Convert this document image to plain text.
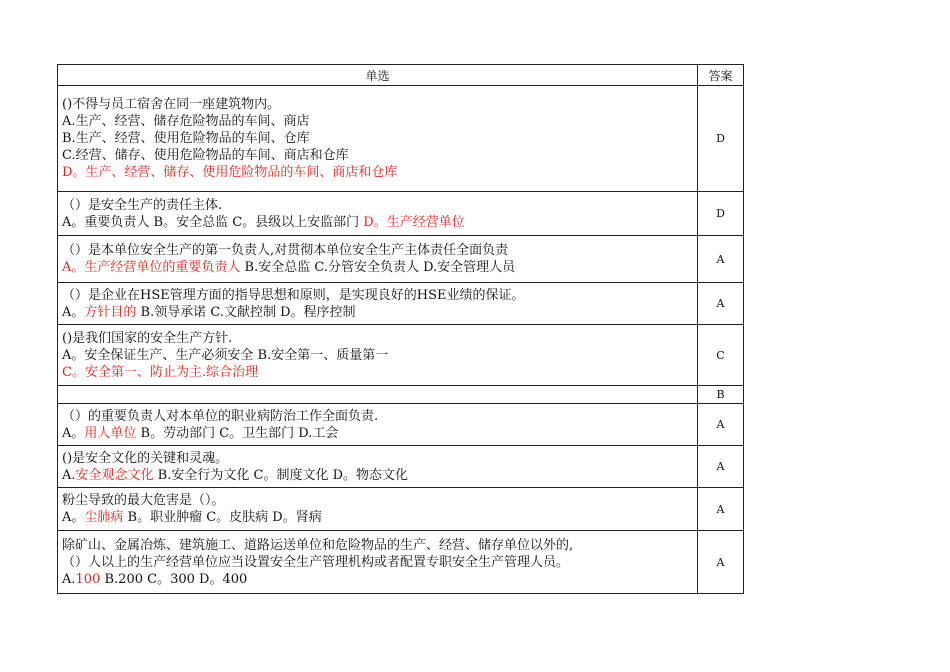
单选	答案

()不得与员工宿舍在同一座建筑物内。
A.生产、经营、储存危险物品的车间、商店
B.生产、经营、使用危险物品的车间、仓库
C.经营、储存、使用危险物品的车间、商店和仓库
D。生产、经营、储存、使用危险物品的车间、商店和仓库	D

（）是安全生产的责任主体.
A。重要负责人 B。安全总监 C。县级以上安监部门 D。生产经营单位	D

（）是本单位安全生产的第一负责人,对贯彻本单位安全生产主体责任全面负责
A。生产经营单位的重要负责人 B.安全总监 C.分管安全负责人 D.安全管理人员	A

（）是企业在HSE管理方面的指导思想和原则，是实现良好的HSE业绩的保证。
A。方针目的 B.领导承诺 C.文献控制 D。程序控制	A

()是我们国家的安全生产方针.
A。安全保证生产、生产必须安全 B.安全第一、质量第一
C。安全第一、防止为主.综合治理	C
	B

（）的重要负责人对本单位的职业病防治工作全面负责.
A。用人单位 B。劳动部门 C。卫生部门 D.工会	A

()是安全文化的关键和灵魂。
A.安全观念文化 B.安全行为文化 C。制度文化 D。物态文化	A

粉尘导致的最大危害是（）。
A。尘肺病 B。职业肿瘤 C。皮肤病 D。肾病	A

除矿山、金属冶炼、建筑施工、道路运送单位和危险物品的生产、经营、储存单位以外的,
（）人以上的生产经营单位应当设置安全生产管理机构或者配置专职安全生产管理人员。
A.100 B.200 C。300 D。400	A
